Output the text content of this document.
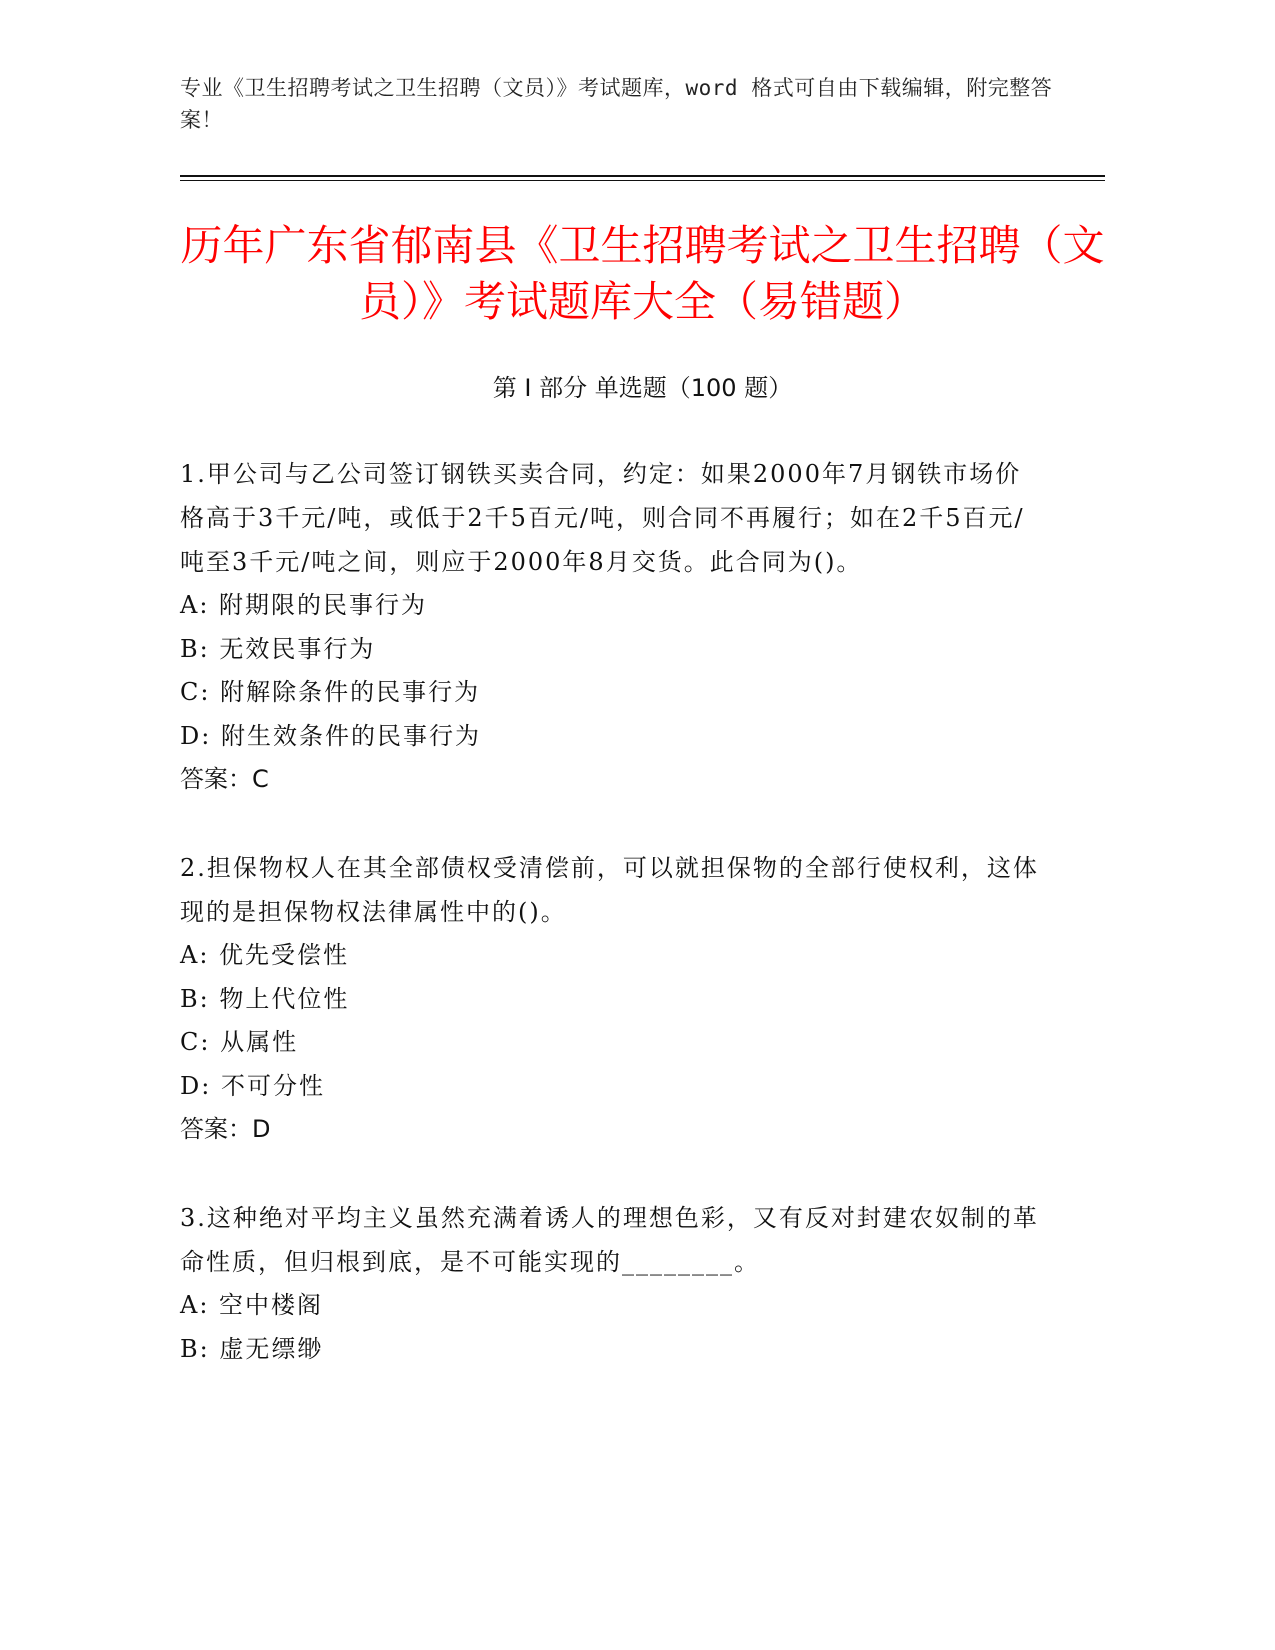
专业《卫生招聘考试之卫生招聘（文员）》考试题库，word 格式可自由下载编辑，附完整答案！
历年广东省郁南县《卫生招聘考试之卫生招聘（文员）》考试题库大全（易错题）
第 I 部分 单选题（100 题）

1.甲公司与乙公司签订钢铁买卖合同，约定：如果2000年7月钢铁市场价格高于3千元/吨，或低于2千5百元/吨，则合同不再履行；如在2千5百元/吨至3千元/吨之间，则应于2000年8月交货。此合同为()。

A: 附期限的民事行为

B: 无效民事行为

C: 附解除条件的民事行为

D: 附生效条件的民事行为

答案：C

2.担保物权人在其全部债权受清偿前，可以就担保物的全部行使权利，这体现的是担保物权法律属性中的()。

A: 优先受偿性

B: 物上代位性

C: 从属性

D: 不可分性

答案：D

3.这种绝对平均主义虽然充满着诱人的理想色彩，又有反对封建农奴制的革命性质，但归根到底，是不可能实现的________。

A: 空中楼阁

B: 虚无缥缈
